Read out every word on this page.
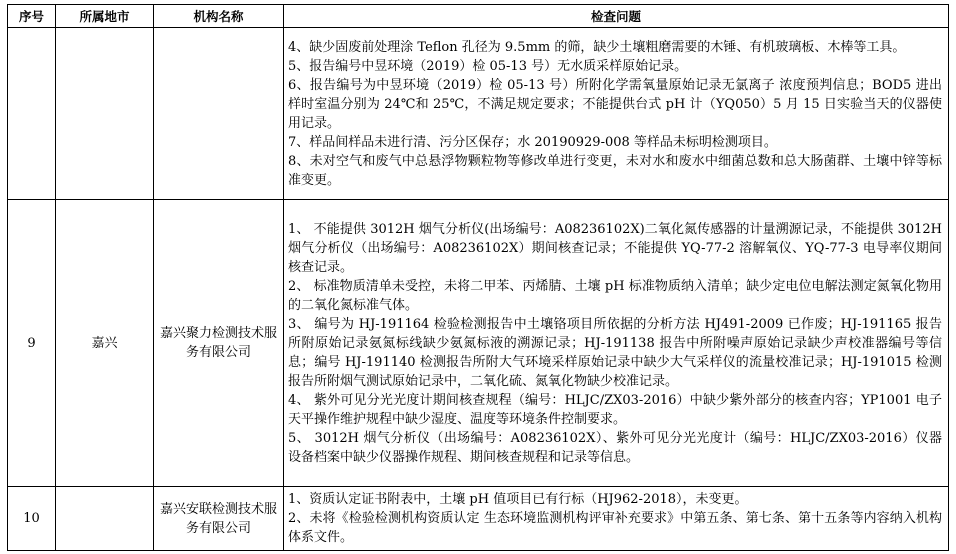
序号	所属地市	机构名称	检查问题

			4、缺少固废前处理涂 Teflon 孔径为 9.5mm 的筛，缺少土壤粗磨需要的木锤、有机玻璃板、木棒等工具。
5、报告编号中昱环境（2019）检 05-13 号）无水质采样原始记录。
6、报告编号为中昱环境（2019）检 05-13 号）所附化学需氧量原始记录无氯离子 浓度预判信息；BOD5 进出样时室温分别为 24℃和 25℃，不满足规定要求；不能提供台式 pH 计（YQ050）5 月 15 日实验当天的仪器使用记录。
7、样品间样品未进行清、污分区保存；水 20190929-008 等样品未标明检测项目。
8、未对空气和废气中总悬浮物颗粒物等修改单进行变更，未对水和废水中细菌总数和总大肠菌群、土壤中锌等标准变更。

9	嘉兴	嘉兴聚力检测技术服务有限公司	1、 不能提供 3012H 烟气分析仪(出场编号：A08236102X)二氧化氮传感器的计量溯源记录，不能提供 3012H 烟气分析仪（出场编号：A08236102X）期间核查记录；不能提供 YQ-77-2 溶解氧仪、YQ-77-3 电导率仪期间核查记录。
2、 标准物质清单未受控，未将二甲苯、丙烯腈、土壤 pH 标准物质纳入清单；缺少定电位电解法测定氮氧化物用的二氧化氮标准气体。
3、 编号为 HJ-191164 检验检测报告中土壤铬项目所依据的分析方法 HJ491-2009 已作废；HJ-191165 报告所附原始记录氨氮标线缺少氨氮标液的溯源记录；HJ-191138 报告中所附噪声原始记录缺少声校准器编号等信息；编号 HJ-191140 检测报告所附大气环境采样原始记录中缺少大气采样仪的流量校准记录；HJ-191015 检测报告所附烟气测试原始记录中，二氧化硫、氮氧化物缺少校准记录。
4、 紫外可见分光光度计期间核查规程（编号：HLJC/ZX03-2016）中缺少紫外部分的核查内容；YP1001 电子天平操作维护规程中缺少湿度、温度等环境条件控制要求。
5、 3012H 烟气分析仪（出场编号：A08236102X）、紫外可见分光光度计（编号：HLJC/ZX03-2016）仪器设备档案中缺少仪器操作规程、期间核查规程和记录等信息。

10		嘉兴安联检测技术服务有限公司	1、资质认定证书附表中，土壤 pH 值项目已有行标（HJ962-2018），未变更。
2、未将《检验检测机构资质认定 生态环境监测机构评审补充要求》中第五条、第七条、第十五条等内容纳入机构体系文件。
